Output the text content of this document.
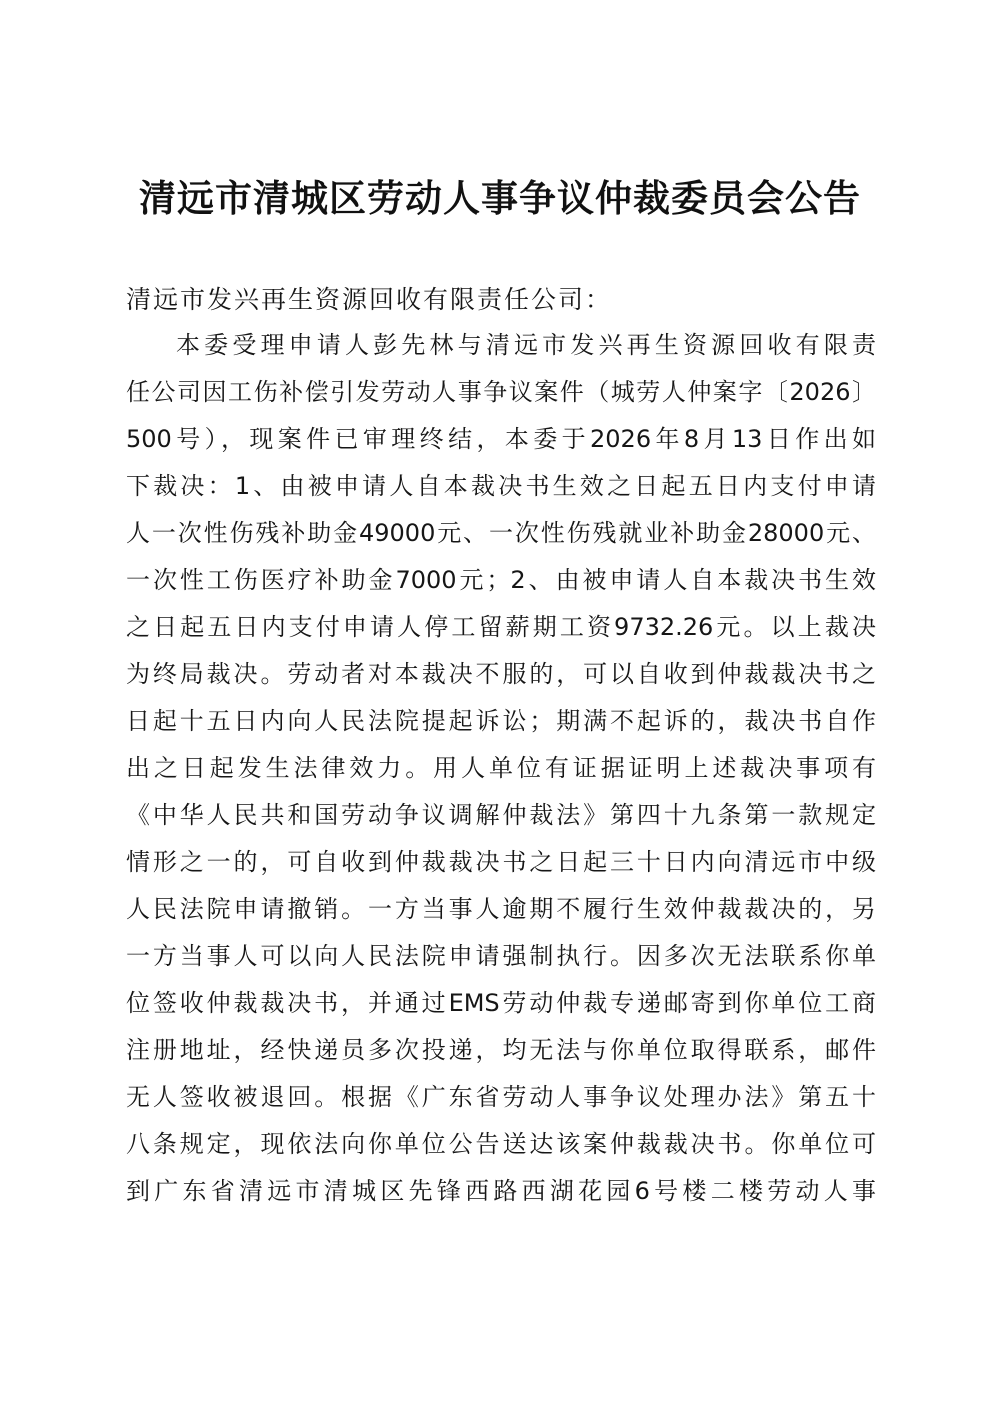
清远市清城区劳动人事争议仲裁委员会公告

清远市发兴再生资源回收有限责任公司：

本委受理申请人彭先林与清远市发兴再生资源回收有限责
任公司因工伤补偿引发劳动人事争议案件（城劳人仲案字〔2026〕
500号），现案件已审理终结，本委于2026年8月13日作出如
下裁决：1、由被申请人自本裁决书生效之日起五日内支付申请
人一次性伤残补助金49000元、一次性伤残就业补助金28000元、
一次性工伤医疗补助金7000元；2、由被申请人自本裁决书生效
之日起五日内支付申请人停工留薪期工资9732.26元。以上裁决
为终局裁决。劳动者对本裁决不服的，可以自收到仲裁裁决书之
日起十五日内向人民法院提起诉讼；期满不起诉的，裁决书自作
出之日起发生法律效力。用人单位有证据证明上述裁决事项有
《中华人民共和国劳动争议调解仲裁法》第四十九条第一款规定
情形之一的，可自收到仲裁裁决书之日起三十日内向清远市中级
人民法院申请撤销。一方当事人逾期不履行生效仲裁裁决的，另
一方当事人可以向人民法院申请强制执行。因多次无法联系你单
位签收仲裁裁决书，并通过EMS劳动仲裁专递邮寄到你单位工商
注册地址，经快递员多次投递，均无法与你单位取得联系，邮件
无人签收被退回。根据《广东省劳动人事争议处理办法》第五十
八条规定，现依法向你单位公告送达该案仲裁裁决书。你单位可
到广东省清远市清城区先锋西路西湖花园6号楼二楼劳动人事
